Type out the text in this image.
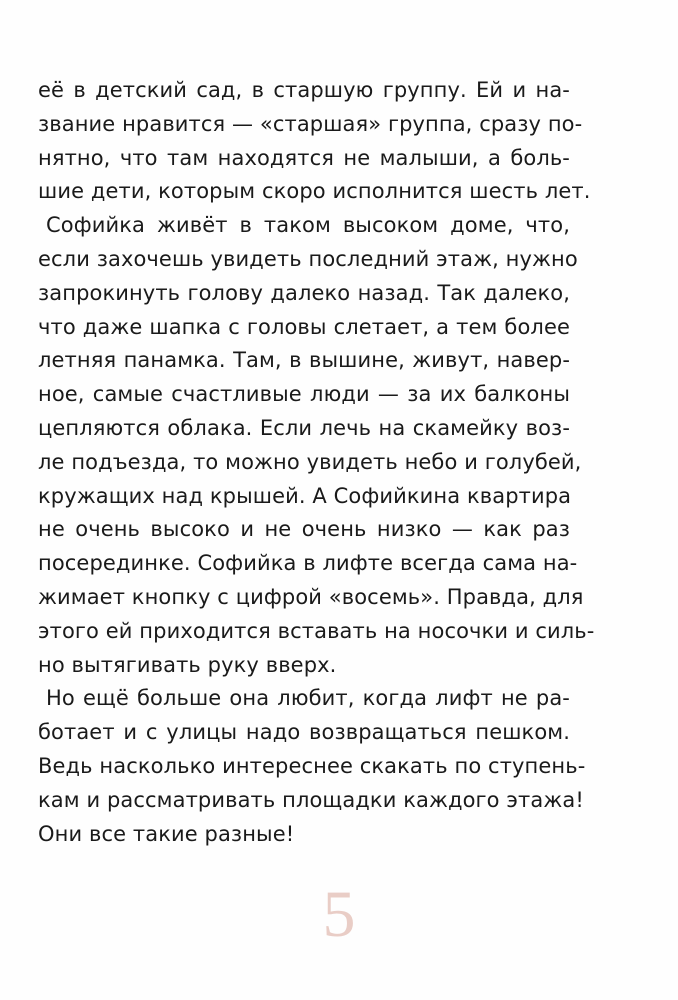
её в детский сад, в старшую группу. Ей и на-
звание нравится — «старшая» группа, сразу по-
нятно, что там находятся не малыши, а боль-
шие дети, которым скоро исполнится шесть лет.
Софийка живёт в таком высоком доме, что,
если захочешь увидеть последний этаж, нужно
запрокинуть голову далеко назад. Так далеко,
что даже шапка с головы слетает, а тем более
летняя панамка. Там, в вышине, живут, навер-
ное, самые счастливые люди — за их балконы
цепляются облака. Если лечь на скамейку воз-
ле подъезда, то можно увидеть небо и голубей,
кружащих над крышей. А Софийкина квартира
не очень высоко и не очень низко — как раз
посерединке. Софийка в лифте всегда сама на-
жимает кнопку с цифрой «восемь». Правда, для
этого ей приходится вставать на носочки и силь-
но вытягивать руку вверх.
Но ещё больше она любит, когда лифт не ра-
ботает и с улицы надо возвращаться пешком.
Ведь насколько интереснее скакать по ступень-
кам и рассматривать площадки каждого этажа!
Они все такие разные!
5
